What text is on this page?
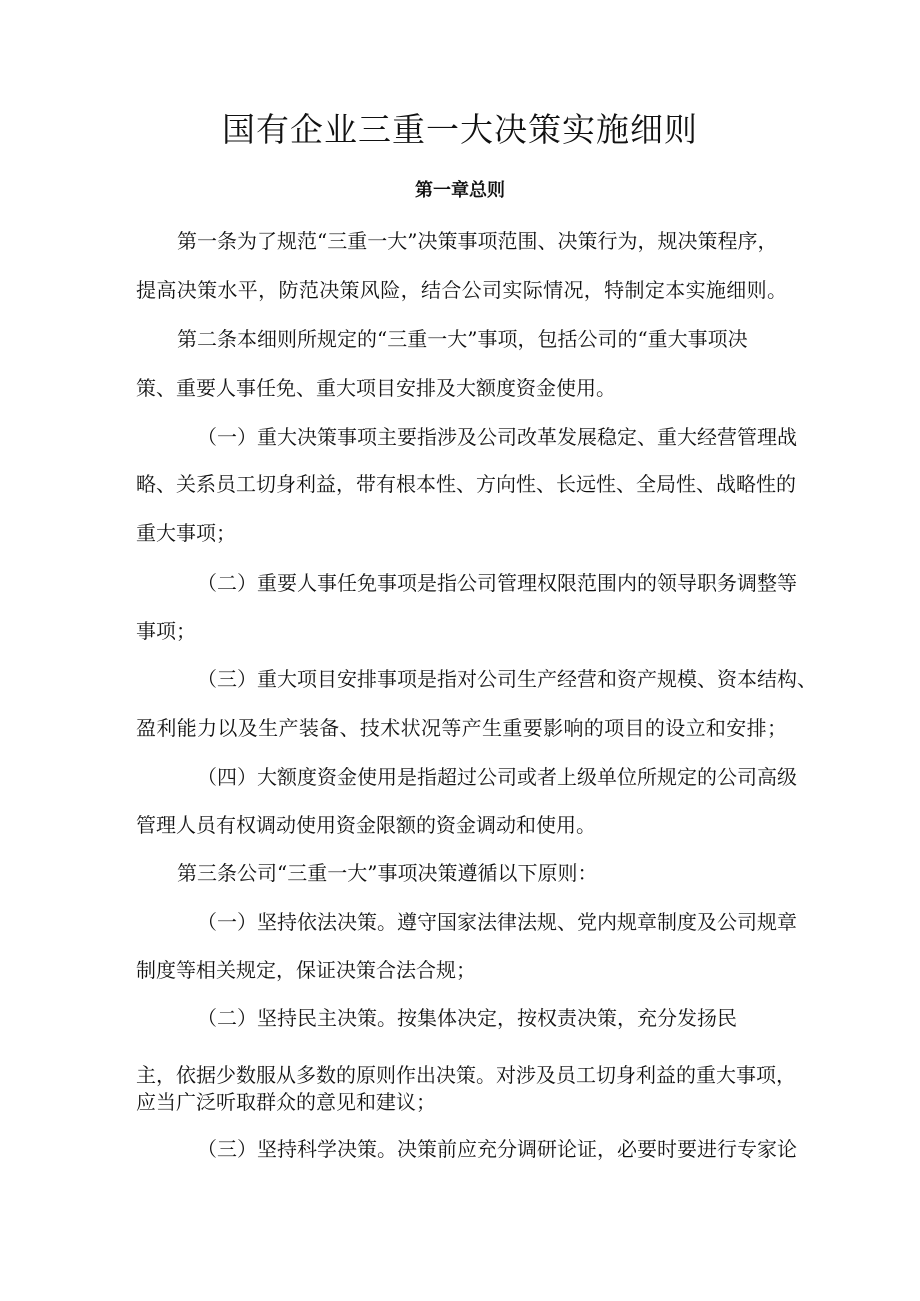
国有企业三重一大决策实施细则
第一章总则
第一条为了规范“三重一大”决策事项范围、决策行为，规决策程序，
提高决策水平，防范决策风险，结合公司实际情况，特制定本实施细则。
第二条本细则所规定的“三重一大”事项，包括公司的“重大事项决
策、重要人事任免、重大项目安排及大额度资金使用。
（一）重大决策事项主要指涉及公司改革发展稳定、重大经营管理战
略、关系员工切身利益，带有根本性、方向性、长远性、全局性、战略性的
重大事项；
（二）重要人事任免事项是指公司管理权限范围内的领导职务调整等
事项；
（三）重大项目安排事项是指对公司生产经营和资产规模、资本结构、
盈利能力以及生产装备、技术状况等产生重要影响的项目的设立和安排；
（四）大额度资金使用是指超过公司或者上级单位所规定的公司高级
管理人员有权调动使用资金限额的资金调动和使用。
第三条公司“三重一大”事项决策遵循以下原则：
（一）坚持依法决策。遵守国家法律法规、党内规章制度及公司规章
制度等相关规定，保证决策合法合规；
（二）坚持民主决策。按集体决定，按权责决策，充分发扬民
主，依据少数服从多数的原则作出决策。对涉及员工切身利益的重大事项，
应当广泛听取群众的意见和建议；
（三）坚持科学决策。决策前应充分调研论证，必要时要进行专家论
